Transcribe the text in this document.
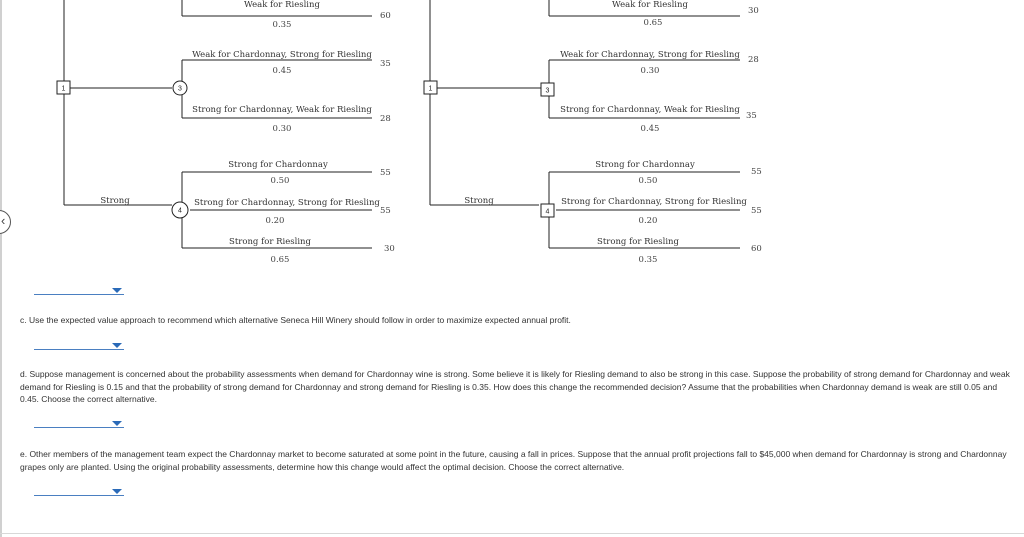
1	3
4
1	3
4
Strong
Weak for Riesling
0.35
60
Weak for Chardonnay, Strong for Riesling
0.45
35
Strong for Chardonnay, Weak for Riesling
0.30
28
Strong for Chardonnay
0.50
55
Strong for Chardonnay, Strong for Riesling
0.20
55
Strong for Riesling
0.65
30
Strong
Weak for Riesling
0.65
30
Weak for Chardonnay, Strong for Riesling
0.30
28
Strong for Chardonnay, Weak for Riesling
0.45
35
Strong for Chardonnay
0.50
55
Strong for Chardonnay, Strong for Riesling
0.20
55
Strong for Riesling
0.35
60
‹

c. Use the expected value approach to recommend which alternative Seneca Hill Winery should follow in order to maximize expected annual profit.

d. Suppose management is concerned about the probability assessments when demand for Chardonnay wine is strong. Some believe it is likely for Riesling demand to also be strong in this case. Suppose the probability of strong demand for Chardonnay and weak demand for Riesling is 0.15 and that the probability of strong demand for Chardonnay and strong demand for Riesling is 0.35. How does this change the recommended decision? Assume that the probabilities when Chardonnay demand is weak are still 0.05 and 0.45. Choose the correct alternative.

e. Other members of the management team expect the Chardonnay market to become saturated at some point in the future, causing a fall in prices. Suppose that the annual profit projections fall to $45,000 when demand for Chardonnay is strong and Chardonnay grapes only are planted. Using the original probability assessments, determine how this change would affect the optimal decision. Choose the correct alternative.
